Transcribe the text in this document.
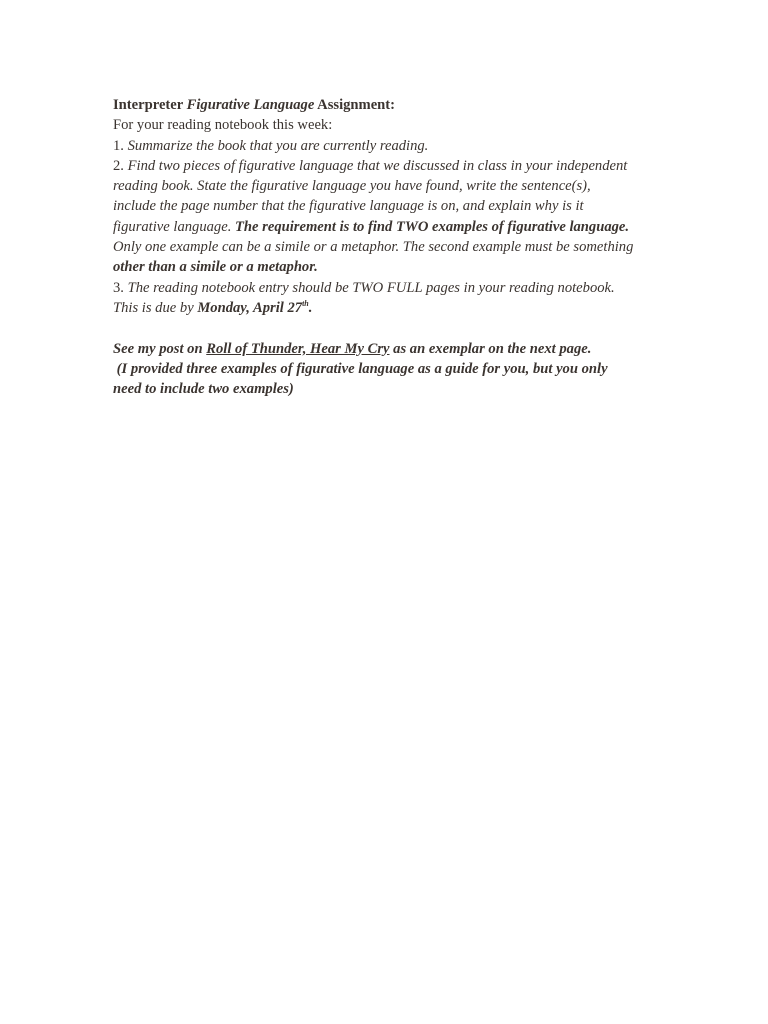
Interpreter Figurative Language Assignment:
For your reading notebook this week:
1. Summarize the book that you are currently reading.
2. Find two pieces of figurative language that we discussed in class in your independent
reading book. State the figurative language you have found, write the sentence(s),
include the page number that the figurative language is on, and explain why is it
figurative language. The requirement is to find TWO examples of figurative language.
Only one example can be a simile or a metaphor. The second example must be something
other than a simile or a metaphor.
3. The reading notebook entry should be TWO FULL pages in your reading notebook.
This is due by Monday, April 27th.
See my post on Roll of Thunder, Hear My Cry as an exemplar on the next page.
(I provided three examples of figurative language as a guide for you, but you only
need to include two examples)
